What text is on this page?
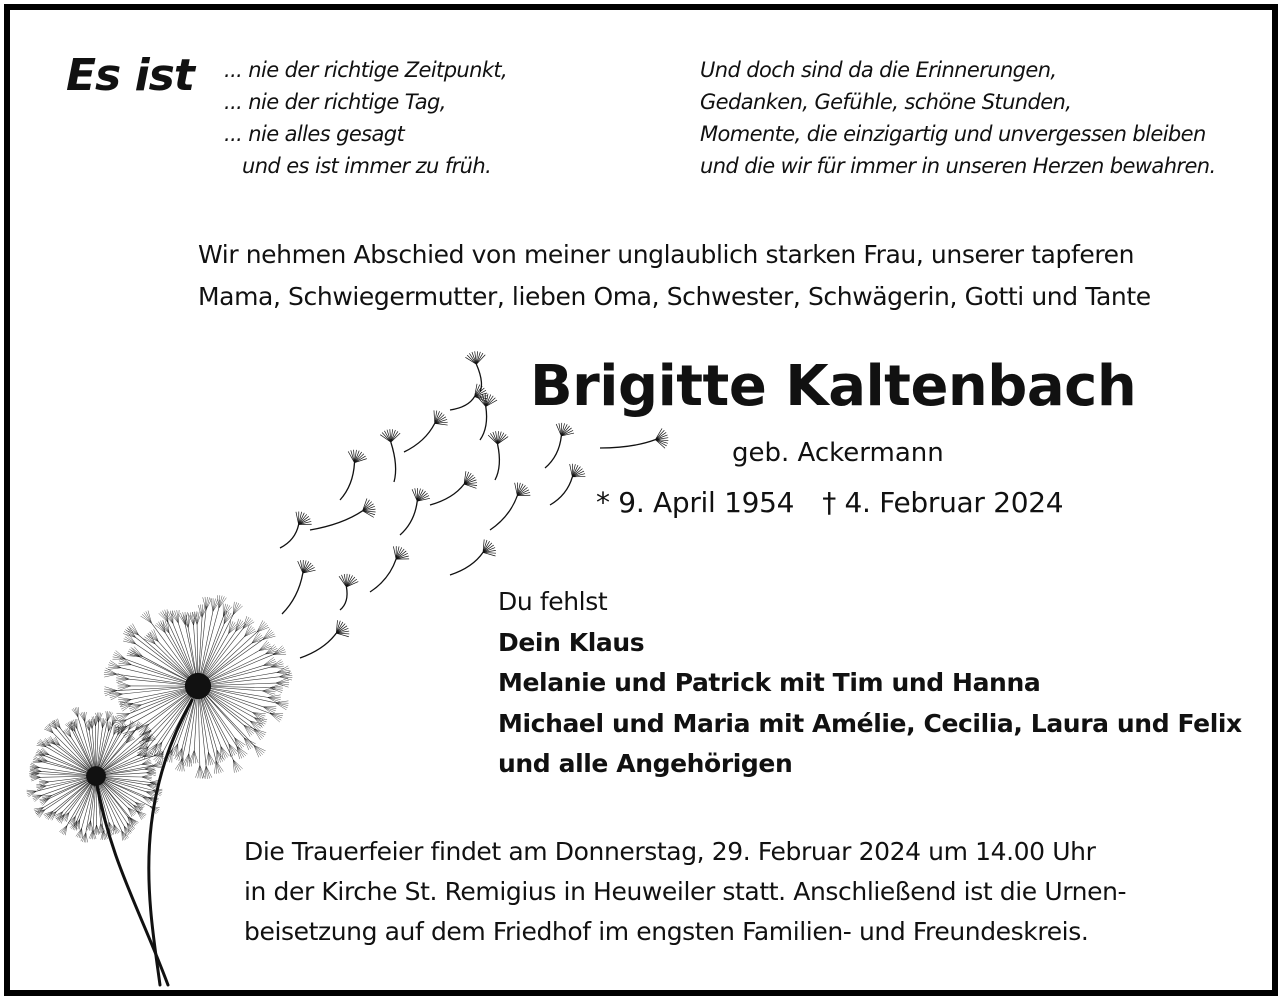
Es ist ... nie der richtige Zeitpunkt,
... nie der richtige Tag,
... nie alles gesagt
und es ist immer zu früh.
Und doch sind da die Erinnerungen,
Gedanken, Gefühle, schöne Stunden,
Momente, die einzigartig und unvergessen bleiben
und die wir für immer in unseren Herzen bewahren.
Wir nehmen Abschied von meiner unglaublich starken Frau, unserer tapferen
Mama, Schwiegermutter, lieben Oma, Schwester, Schwägerin, Gotti und Tante
Brigitte Kaltenbach
geb. Ackermann
* 9. April 1954 † 4. Februar 2024
Du fehlst
Dein Klaus
Melanie und Patrick mit Tim und Hanna
Michael und Maria mit Amélie, Cecilia, Laura und Felix
und alle Angehörigen
Die Trauerfeier findet am Donnerstag, 29. Februar 2024 um 14.00 Uhr
in der Kirche St. Remigius in Heuweiler statt. Anschließend ist die Urnen-
beisetzung auf dem Friedhof im engsten Familien- und Freundeskreis.
